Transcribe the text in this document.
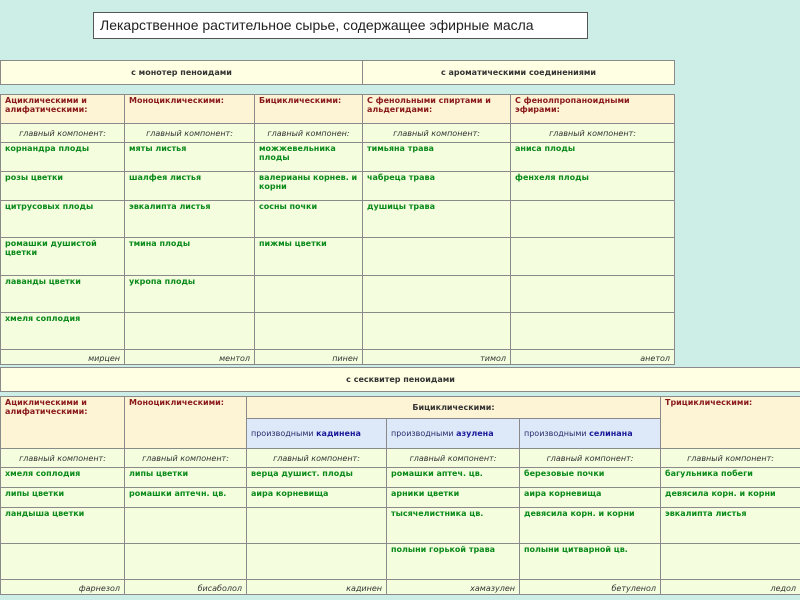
Лекарственное растительное сырье, содержащее эфирные масла
с монотер пеноидами			с ароматическими соединениями	

Ациклическими и алифатическими:	Моноциклическими:	Бициклическими:	С фенольными спиртами и альдегидами:	С фенолпропаноидными эфирами:
главный компонент:	главный компонент:	главный компонен:	главный компонент:	главный компонент:
корнандра плоды	мяты листья	можжевельника плоды	тимьяна трава	аниса плоды
розы цветки	шалфея листья	валерианы корнев. и корни	чабреца трава	фенхеля плоды
цитрусовых плоды	эвкалипта листья	сосны почки	душицы трава	
ромашки душистой цветки	тмина плоды	пижмы цветки		
лаванды цветки	укропа плоды			
хмеля соплодия				
мирцен	ментол	пинен	тимол	анетол
с сесквитер пеноидами					

Ациклическими и алифатическими:	Моноциклическими:	Бициклическими:			Трициклическими:
		производными кадинена	производными азулена	производными селинана	
главный компонент:	главный компонент:	главный компонент:	главный компонент:	главный компонент:	главный компонент:
хмеля соплодия	липы цветки	верца душист. плоды	ромашки аптеч. цв.	березовые почки	багульника побеги
липы цветки	ромашки аптечн. цв.	аира корневища	арники цветки	аира корневища	девясила корн. и корни
ландыша цветки			тысячелистника цв.	девясила корн. и корни	эвкалипта листья
			полыни горькой трава	полыни цитварной цв.	
фарнезол	бисаболол	кадинен	хамазулен	бетуленол	ледол
